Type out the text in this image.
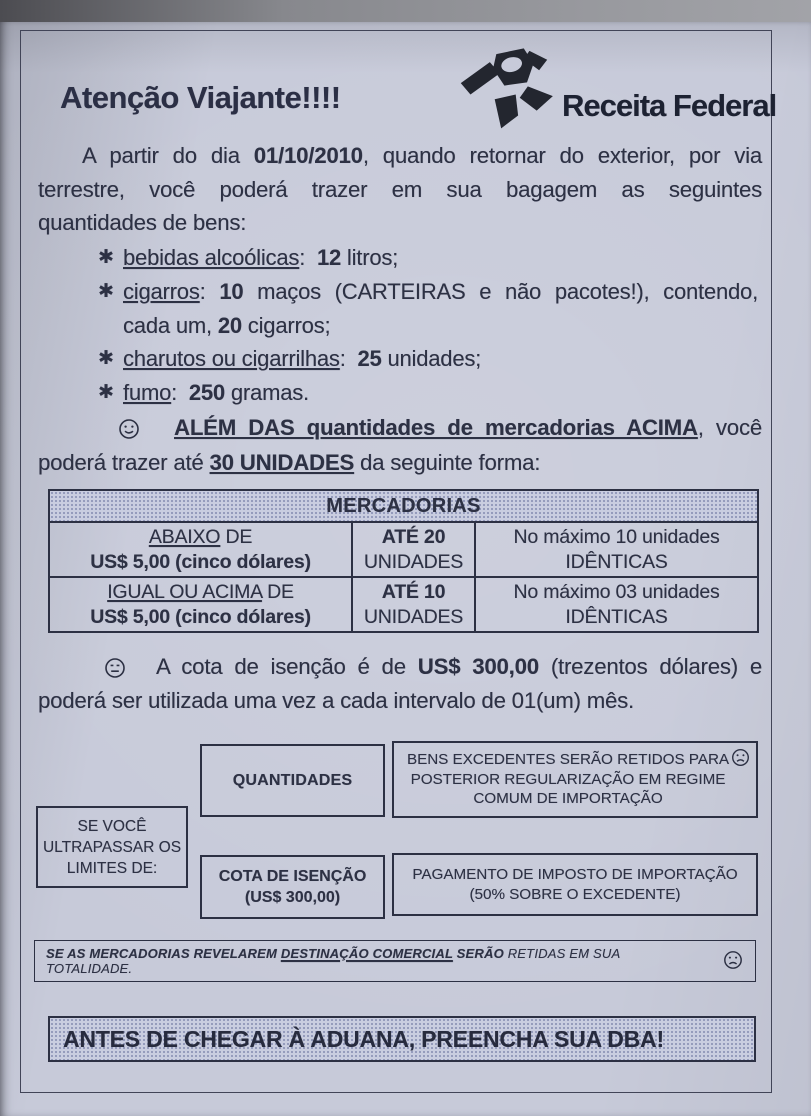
Atenção Viajante!!!!	Receita Federal
A partir do dia 01/10/2010, quando retornar do exterior, por via
terrestre, você poderá trazer em sua bagagem as seguintes
quantidades de bens:
✱ bebidas alcoólicas: 12 litros;
✱ cigarros: 10 maços (CARTEIRAS e não pacotes!), contendo,
cada um, 20 cigarros;
✱ charutos ou cigarrilhas: 25 unidades;
✱ fumo: 250 gramas.
ALÉM DAS quantidades de mercadorias ACIMA, você
poderá trazer até 30 UNIDADES da seguinte forma:
MERCADORIAS
ABAIXO DE
US$ 5,00 (cinco dólares)
ATÉ 20
UNIDADES
No máximo 10 unidades
IDÊNTICAS
IGUAL OU ACIMA DE
US$ 5,00 (cinco dólares)
ATÉ 10
UNIDADES
No máximo 03 unidades
IDÊNTICAS
A cota de isenção é de US$ 300,00 (trezentos dólares) e
poderá ser utilizada uma vez a cada intervalo de 01(um) mês.
SE VOCÊ ULTRAPASSAR OS LIMITES DE:
QUANTIDADES
BENS EXCEDENTES SERÃO RETIDOS PARA POSTERIOR REGULARIZAÇÃO EM REGIME COMUM DE IMPORTAÇÃO
COTA DE ISENÇÃO
(US$ 300,00)
PAGAMENTO DE IMPOSTO DE IMPORTAÇÃO (50% SOBRE O EXCEDENTE)
SE AS MERCADORIAS REVELAREM DESTINAÇÃO COMERCIAL SERÃO RETIDAS EM SUA TOTALIDADE.
ANTES DE CHEGAR À ADUANA, PREENCHA SUA DBA!
